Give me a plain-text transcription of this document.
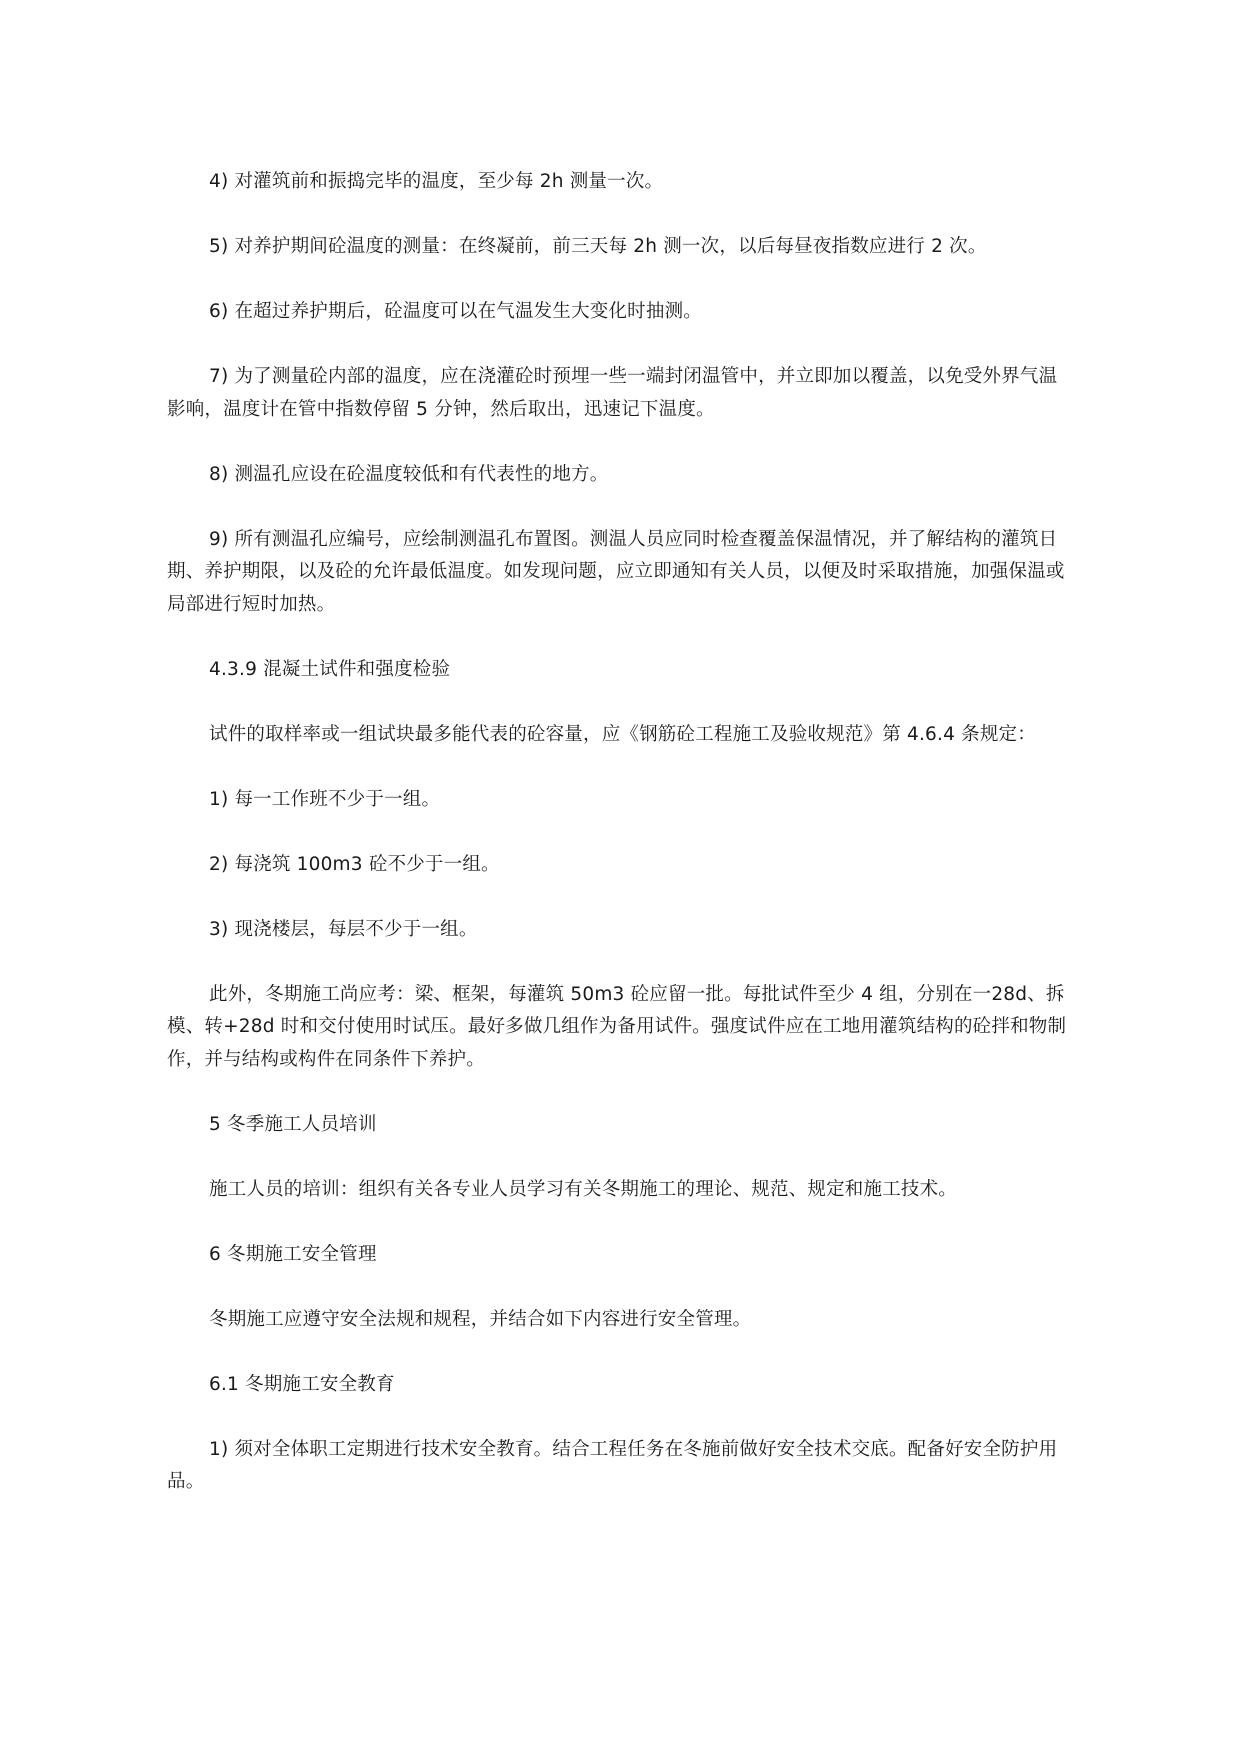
4) 对灌筑前和振捣完毕的温度，至少每 2h 测量一次。

5) 对养护期间砼温度的测量：在终凝前，前三天每 2h 测一次，以后每昼夜指数应进行 2 次。

6) 在超过养护期后，砼温度可以在气温发生大变化时抽测。

7) 为了测量砼内部的温度，应在浇灌砼时预埋一些一端封闭温管中，并立即加以覆盖，以免受外界气温影响，温度计在管中指数停留 5 分钟，然后取出，迅速记下温度。

8) 测温孔应设在砼温度较低和有代表性的地方。

9) 所有测温孔应编号，应绘制测温孔布置图。测温人员应同时检查覆盖保温情况，并了解结构的灌筑日期、养护期限，以及砼的允许最低温度。如发现问题，应立即通知有关人员，以便及时采取措施，加强保温或局部进行短时加热。

4.3.9 混凝土试件和强度检验

试件的取样率或一组试块最多能代表的砼容量，应《钢筋砼工程施工及验收规范》第 4.6.4 条规定：

1) 每一工作班不少于一组。

2) 每浇筑 100m3 砼不少于一组。

3) 现浇楼层，每层不少于一组。

此外，冬期施工尚应考：梁、框架，每灌筑 50m3 砼应留一批。每批试件至少 4 组，分别在一28d、拆模、转+28d 时和交付使用时试压。最好多做几组作为备用试件。强度试件应在工地用灌筑结构的砼拌和物制作，并与结构或构件在同条件下养护。

5 冬季施工人员培训

施工人员的培训：组织有关各专业人员学习有关冬期施工的理论、规范、规定和施工技术。

6 冬期施工安全管理

冬期施工应遵守安全法规和规程，并结合如下内容进行安全管理。

6.1 冬期施工安全教育

1) 须对全体职工定期进行技术安全教育。结合工程任务在冬施前做好安全技术交底。配备好安全防护用品。
